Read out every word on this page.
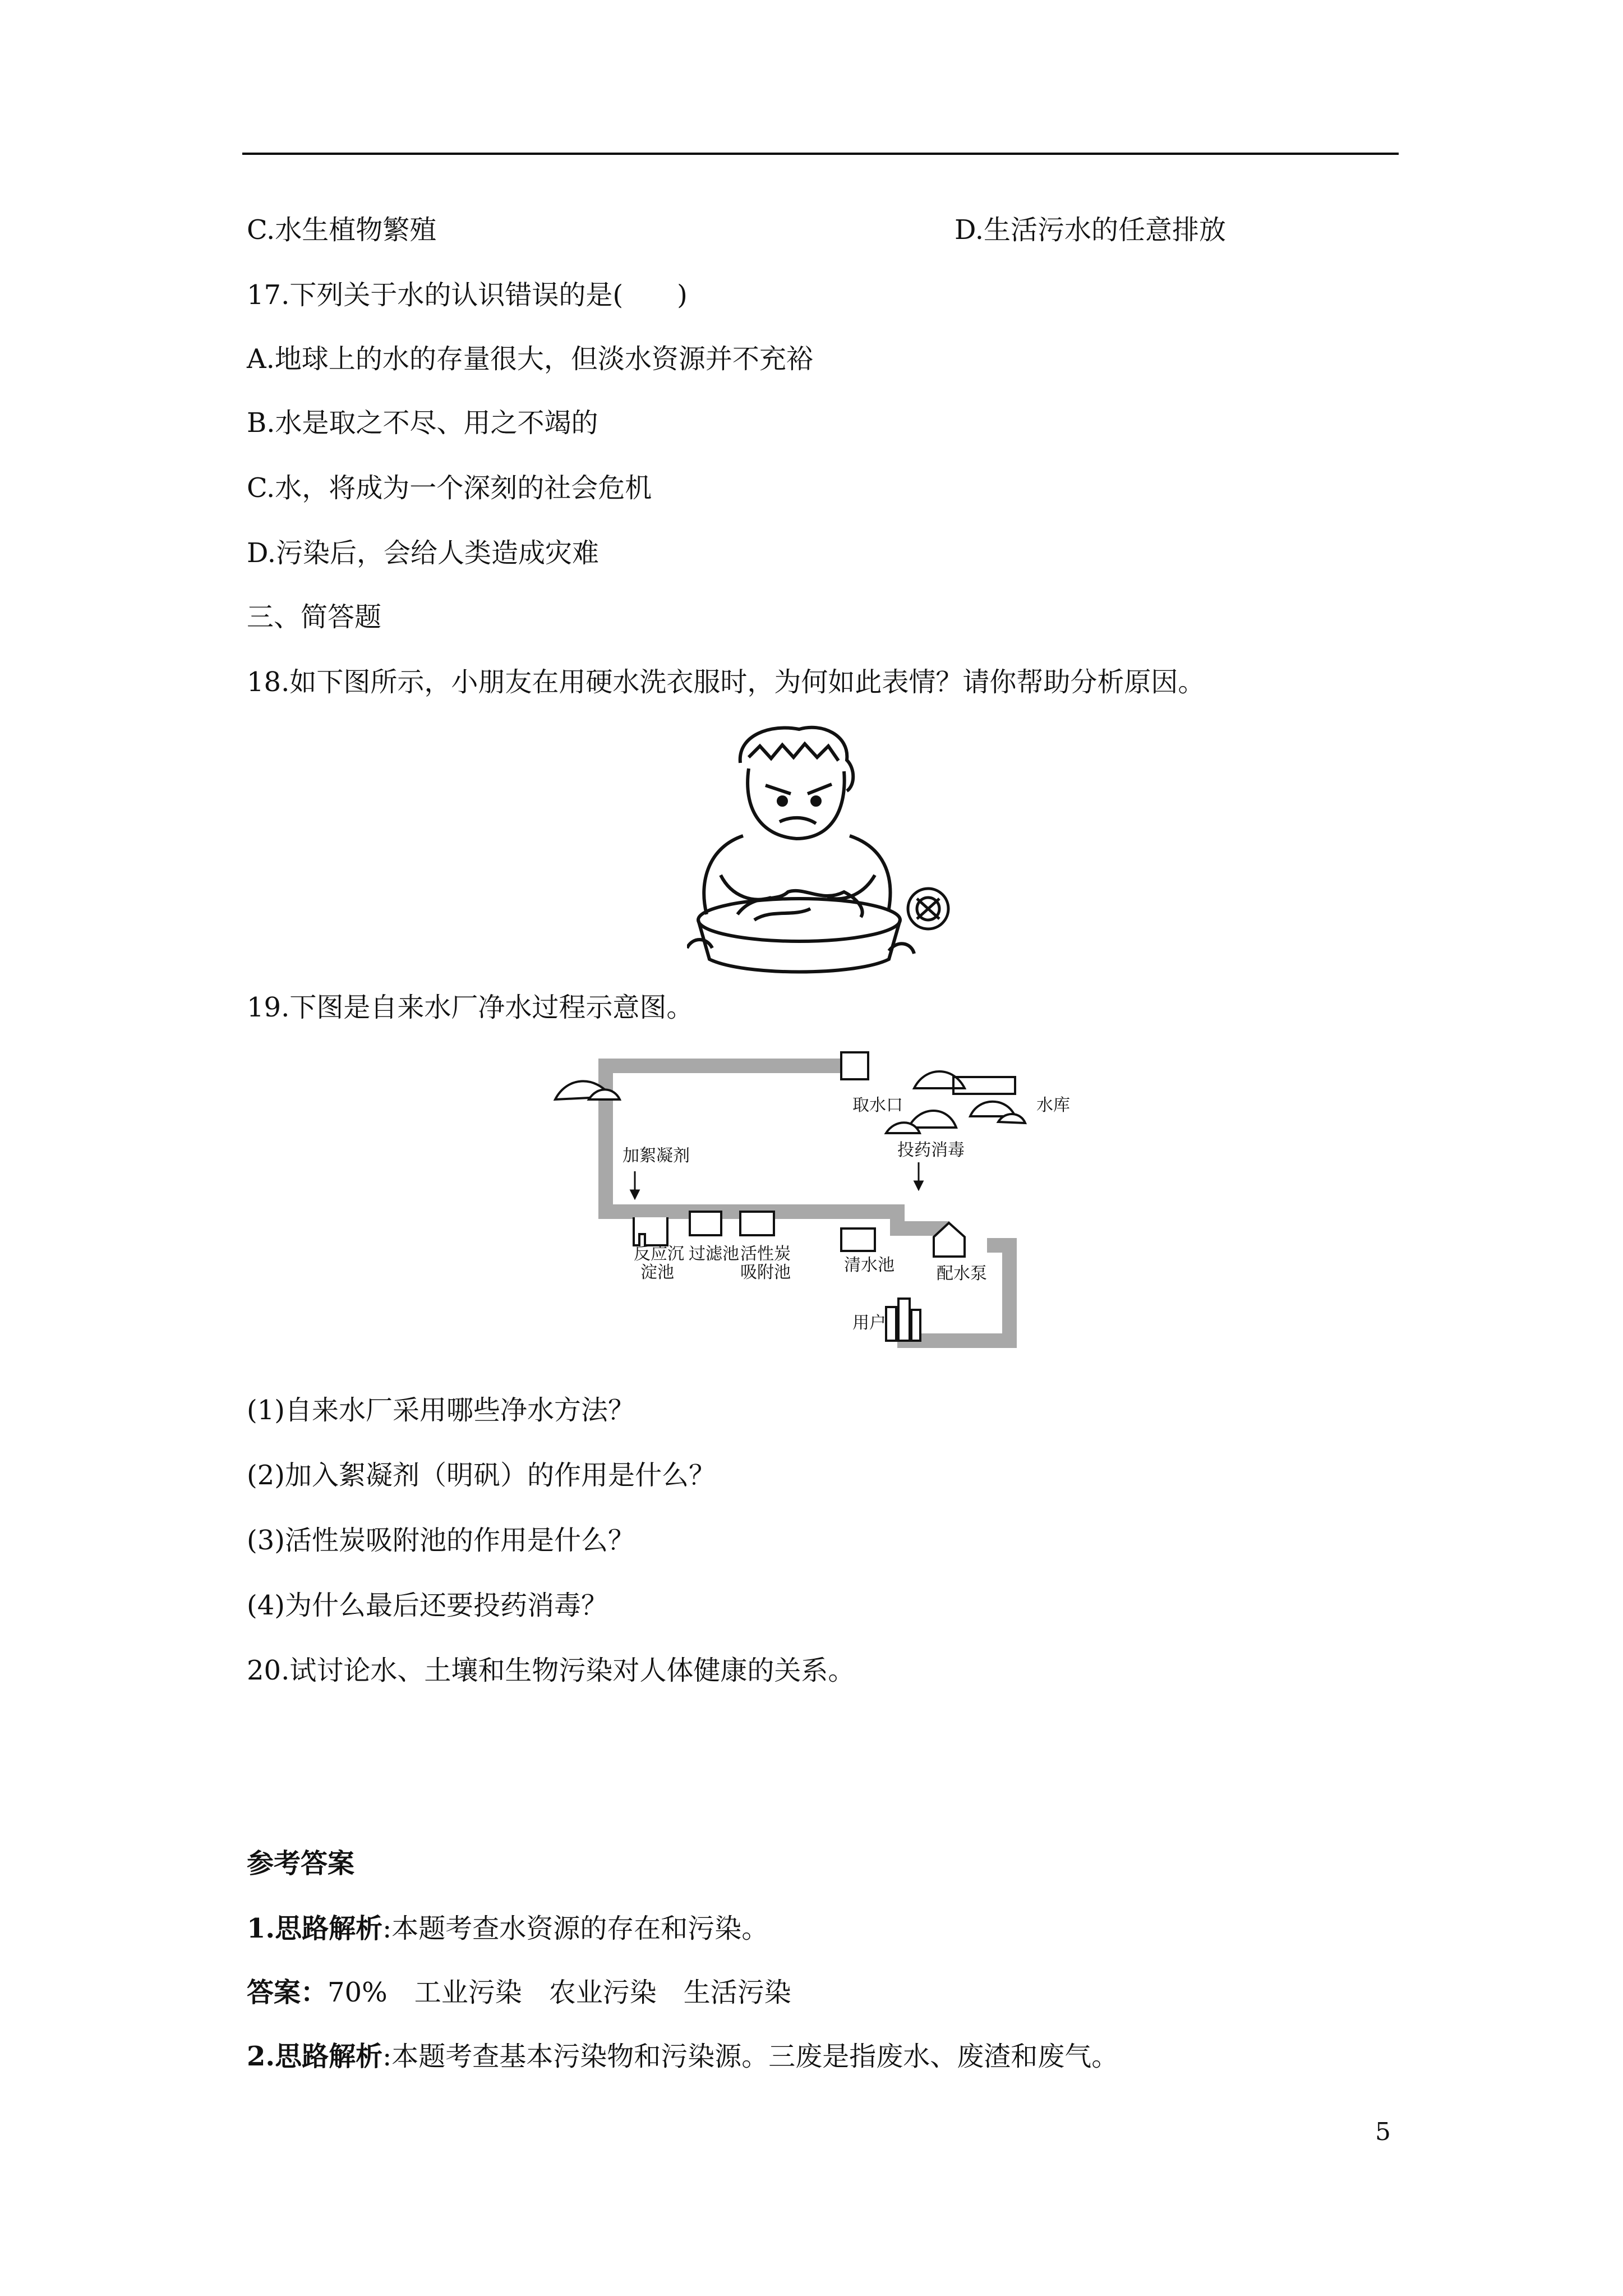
C.水生植物繁殖	D.生活污水的任意排放
17.下列关于水的认识错误的是(　　)
A.地球上的水的存量很大，但淡水资源并不充裕
B.水是取之不尽、用之不竭的
C.水，将成为一个深刻的社会危机
D.污染后，会给人类造成灾难
三、简答题
18.如下图所示，小朋友在用硬水洗衣服时，为何如此表情？请你帮助分析原因。
19.下图是自来水厂净水过程示意图。
取水口	水库
加絮凝剂	投药消毒
反应沉
淀池
过滤池 活性炭
吸附池	清水池	配水泵
用户
(1)自来水厂采用哪些净水方法？
(2)加入絮凝剂（明矾）的作用是什么？
(3)活性炭吸附池的作用是什么？
(4)为什么最后还要投药消毒？
20.试讨论水、土壤和生物污染对人体健康的关系。
参考答案
1.思路解析:本题考查水资源的存在和污染。
答案：70%　工业污染　农业污染　生活污染
2.思路解析:本题考查基本污染物和污染源。三废是指废水、废渣和废气。
5
